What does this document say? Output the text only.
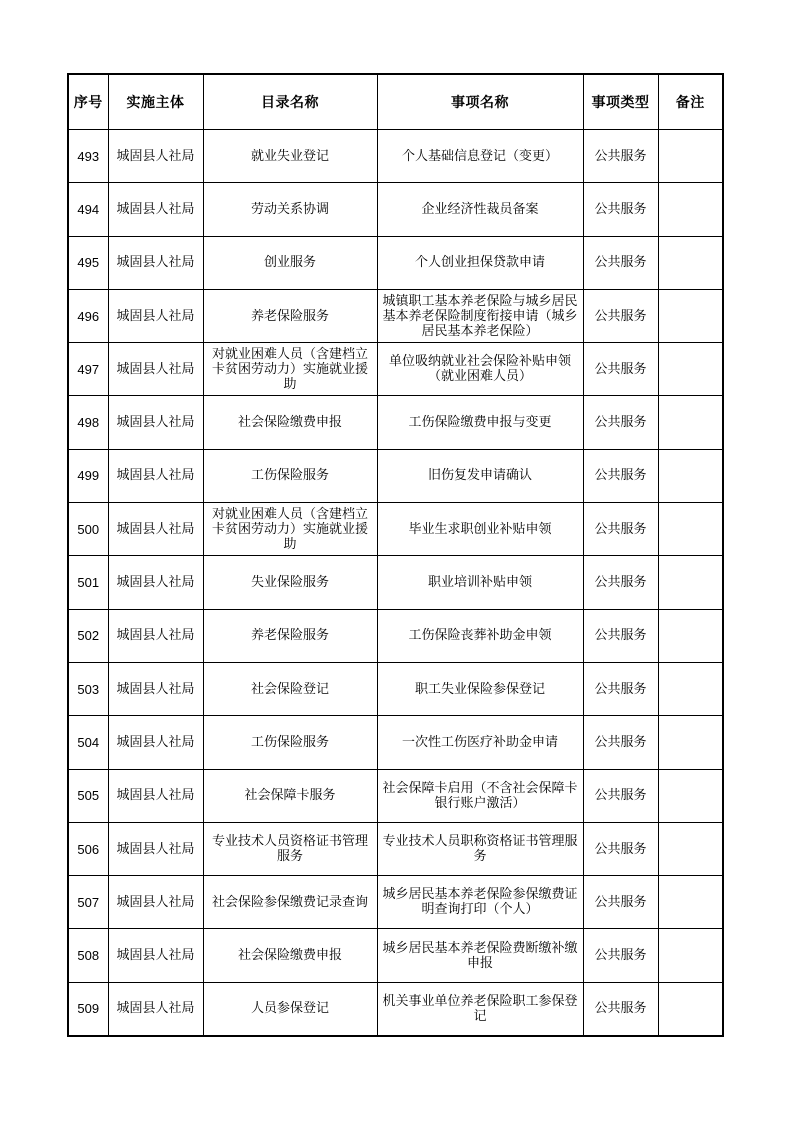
序号	实施主体	目录名称	事项名称	事项类型	备注
493	城固县人社局	就业失业登记	个人基础信息登记（变更）	公共服务	
494	城固县人社局	劳动关系协调	企业经济性裁员备案	公共服务	
495	城固县人社局	创业服务	个人创业担保贷款申请	公共服务	
496	城固县人社局	养老保险服务	城镇职工基本养老保险与城乡居民基本养老保险制度衔接申请（城乡居民基本养老保险）	公共服务	
497	城固县人社局	对就业困难人员（含建档立卡贫困劳动力）实施就业援助	单位吸纳就业社会保险补贴申领（就业困难人员）	公共服务	
498	城固县人社局	社会保险缴费申报	工伤保险缴费申报与变更	公共服务	
499	城固县人社局	工伤保险服务	旧伤复发申请确认	公共服务	
500	城固县人社局	对就业困难人员（含建档立卡贫困劳动力）实施就业援助	毕业生求职创业补贴申领	公共服务	
501	城固县人社局	失业保险服务	职业培训补贴申领	公共服务	
502	城固县人社局	养老保险服务	工伤保险丧葬补助金申领	公共服务	
503	城固县人社局	社会保险登记	职工失业保险参保登记	公共服务	
504	城固县人社局	工伤保险服务	一次性工伤医疗补助金申请	公共服务	
505	城固县人社局	社会保障卡服务	社会保障卡启用（不含社会保障卡银行账户激活）	公共服务	
506	城固县人社局	专业技术人员资格证书管理服务	专业技术人员职称资格证书管理服务	公共服务	
507	城固县人社局	社会保险参保缴费记录查询	城乡居民基本养老保险参保缴费证明查询打印（个人）	公共服务	
508	城固县人社局	社会保险缴费申报	城乡居民基本养老保险费断缴补缴申报	公共服务	
509	城固县人社局	人员参保登记	机关事业单位养老保险职工参保登记	公共服务	
